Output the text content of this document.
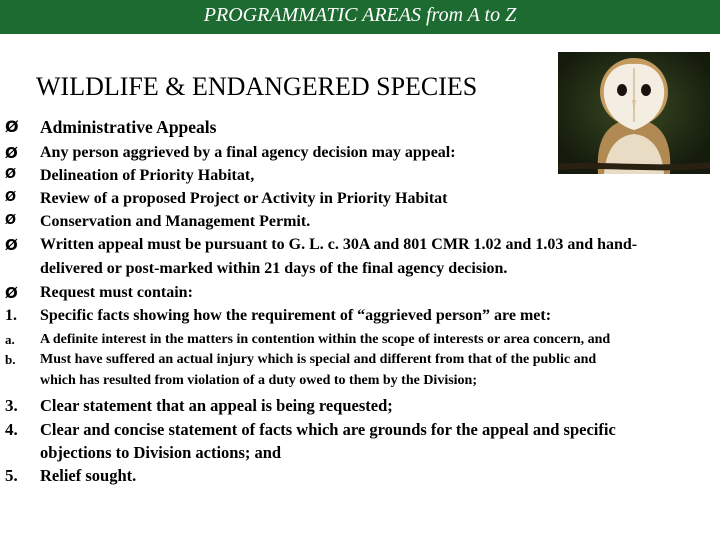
PROGRAMMATIC AREAS from A to Z
WILDLIFE & ENDANGERED SPECIES
Ø Administrative Appeals
Ø Any person aggrieved by a final agency decision may appeal:
Ø Delineation of Priority Habitat,
Ø Review of a proposed Project or Activity in Priority Habitat
Ø Conservation and Management Permit.
Ø Written appeal must be pursuant to G. L. c. 30A and 801 CMR 1.02 and 1.03 and hand-
delivered or post-marked within 21 days of the final agency decision.
Ø Request must contain:
1. Specific facts showing how the requirement of “aggrieved person” are met:
a. A definite interest in the matters in contention within the scope of interests or area concern, and
b. Must have suffered an actual injury which is special and different from that of the public and
which has resulted from violation of a duty owed to them by the Division;
3. Clear statement that an appeal is being requested;
4. Clear and concise statement of facts which are grounds for the appeal and specific
objections to Division actions; and
5. Relief sought.
